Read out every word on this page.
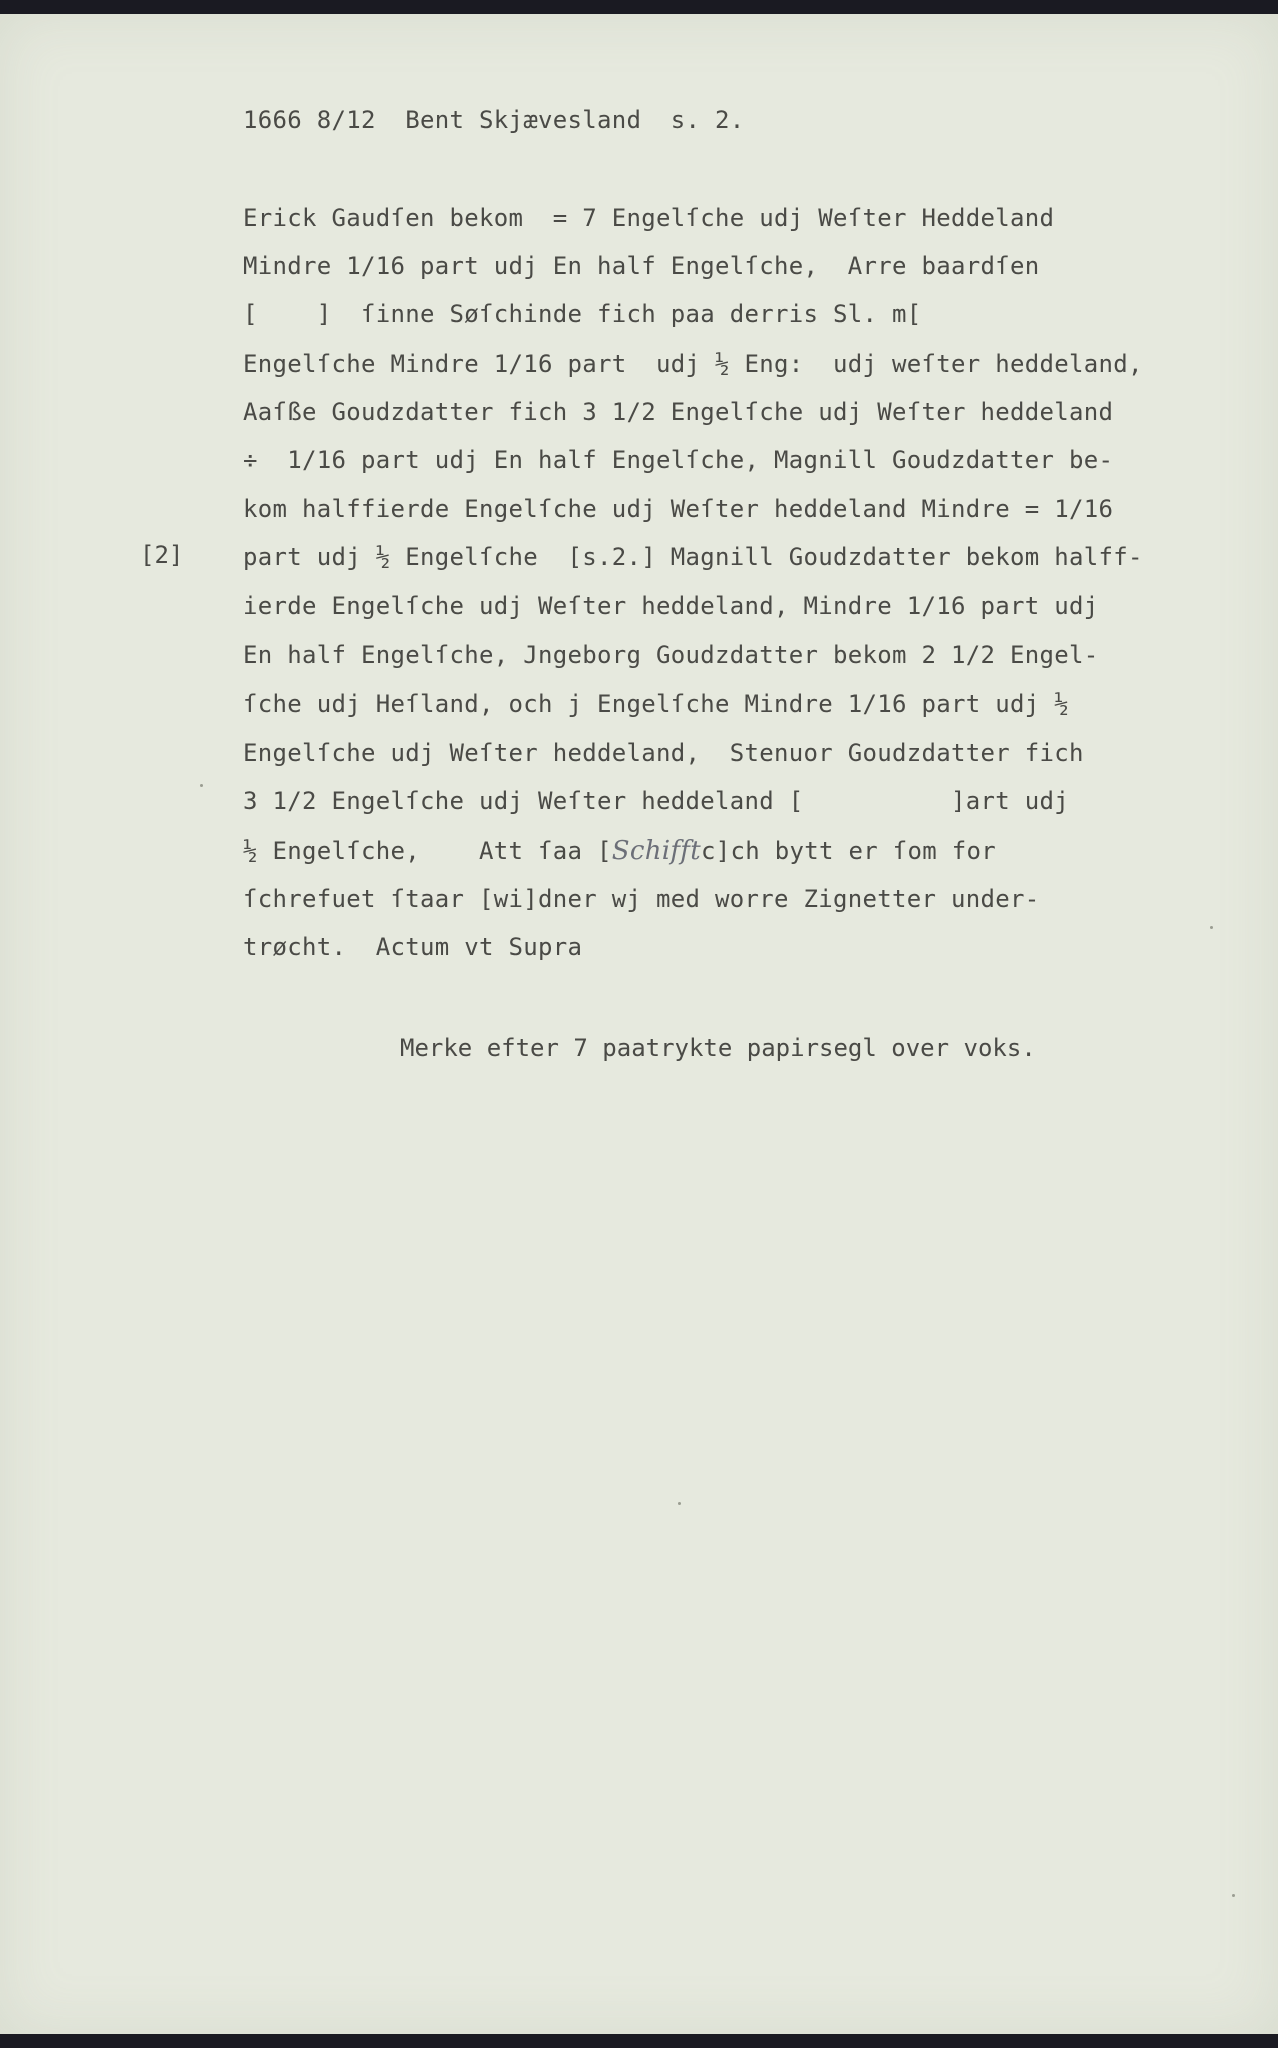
1666 8/12  Bent Skjævesland  s. 2.
[2]
Erick Gaudſen bekom  = 7 Engelſche udj Weſter Heddeland
Mindre 1/16 part udj En half Engelſche,  Arre baardſen
[    ]  ſinne Søſchinde fich paa derris Sl. m[
Engelſche Mindre 1/16 part  udj ½ Eng:  udj weſter heddeland,
Aaſße Goudzdatter fich 3 1/2 Engelſche udj Weſter heddeland
÷  1/16 part udj En half Engelſche, Magnill Goudzdatter be-
kom halffierde Engelſche udj Weſter heddeland Mindre = 1/16
part udj ½ Engelſche  [s.2.] Magnill Goudzdatter bekom halff-
ierde Engelſche udj Weſter heddeland, Mindre 1/16 part udj
En half Engelſche, Jngeborg Goudzdatter bekom 2 1/2 Engel-
ſche udj Heſland, och j Engelſche Mindre 1/16 part udj ½
Engelſche udj Weſter heddeland,  Stenuor Goudzdatter fich
3 1/2 Engelſche udj Weſter heddeland [          ]art udj
½ Engelſche,    Att ſaa [Schifftc]ch bytt er ſom for
ſchrefuet ſtaar [wi]dner wj med worre Zignetter under-
trøcht.  Actum vt Supra
Merke efter 7 paatrykte papirsegl over voks.
